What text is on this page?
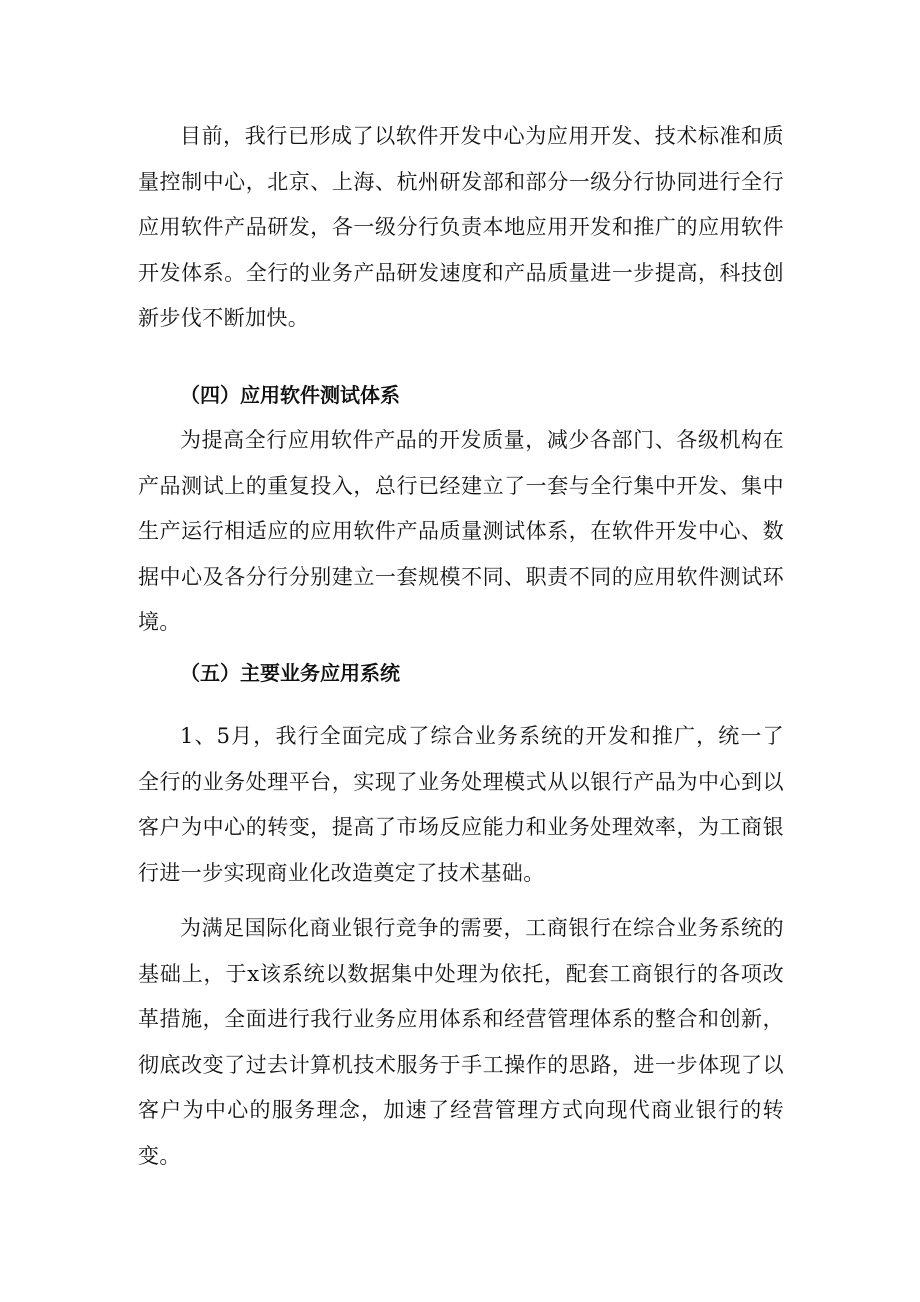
目前，我行已形成了以软件开发中心为应用开发、技术标准和质量控制中心，北京、上海、杭州研发部和部分一级分行协同进行全行应用软件产品研发，各一级分行负责本地应用开发和推广的应用软件开发体系。全行的业务产品研发速度和产品质量进一步提高，科技创新步伐不断加快。

（四）应用软件测试体系

为提高全行应用软件产品的开发质量，减少各部门、各级机构在产品测试上的重复投入，总行已经建立了一套与全行集中开发、集中生产运行相适应的应用软件产品质量测试体系，在软件开发中心、数据中心及各分行分别建立一套规模不同、职责不同的应用软件测试环境。

（五）主要业务应用系统

1、5月，我行全面完成了综合业务系统的开发和推广，统一了全行的业务处理平台，实现了业务处理模式从以银行产品为中心到以客户为中心的转变，提高了市场反应能力和业务处理效率，为工商银行进一步实现商业化改造奠定了技术基础。

为满足国际化商业银行竞争的需要，工商银行在综合业务系统的基础上，于x该系统以数据集中处理为依托，配套工商银行的各项改革措施，全面进行我行业务应用体系和经营管理体系的整合和创新，彻底改变了过去计算机技术服务于手工操作的思路，进一步体现了以客户为中心的服务理念，加速了经营管理方式向现代商业银行的转变。
